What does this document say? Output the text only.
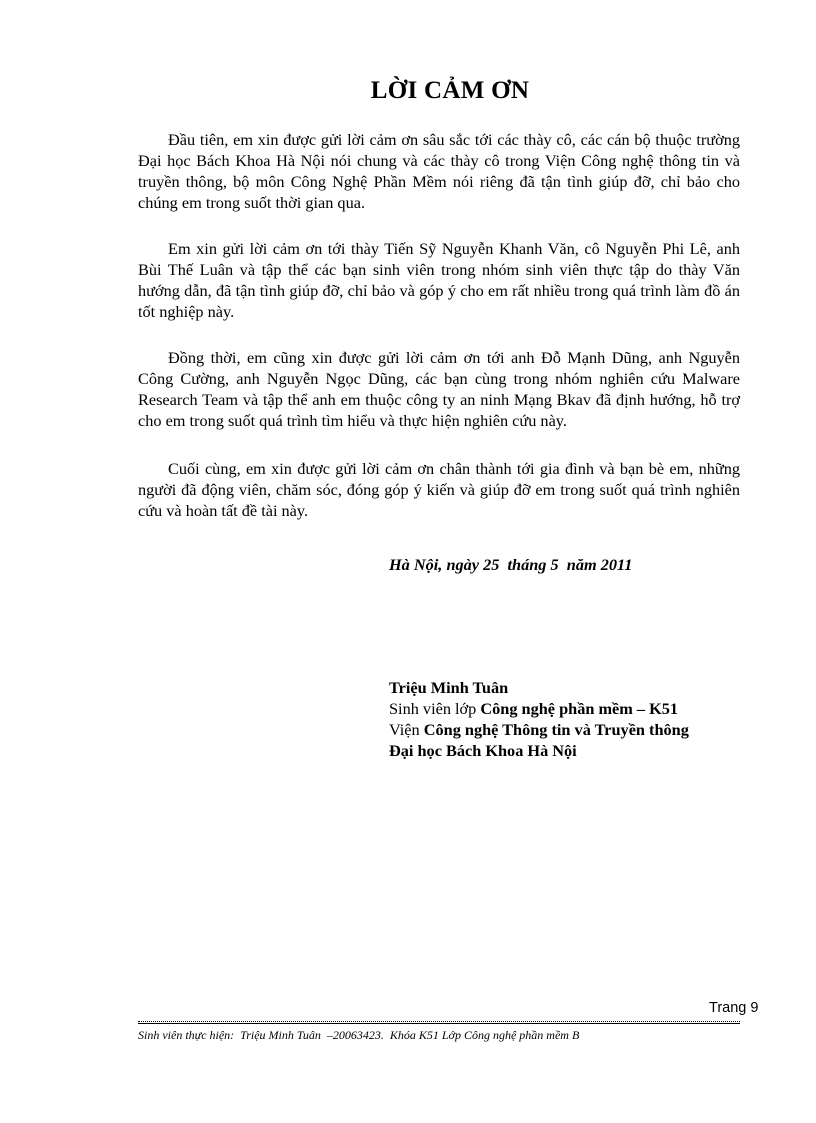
LỜI CẢM ƠN

Đầu tiên, em xin được gửi lời cảm ơn sâu sắc tới các thày cô, các cán bộ thuộc trường Đại học Bách Khoa Hà Nội nói chung và các thày cô trong Viện Công nghệ thông tin và truyền thông, bộ môn Công Nghệ Phần Mềm nói riêng đã tận tình giúp đỡ, chỉ bảo cho chúng em trong suốt thời gian qua.

Em xin gửi lời cảm ơn tới thày Tiến Sỹ Nguyễn Khanh Văn, cô Nguyễn Phi Lê, anh Bùi Thế Luân và tập thể các bạn sinh viên trong nhóm sinh viên thực tập do thày Văn hướng dẫn, đã tận tình giúp đỡ, chỉ bảo và góp ý cho em rất nhiều trong quá trình làm đồ án tốt nghiệp này.

Đồng thời, em cũng xin được gửi lời cảm ơn tới anh Đỗ Mạnh Dũng, anh Nguyễn Công Cường, anh Nguyễn Ngọc Dũng, các bạn cùng trong nhóm nghiên cứu Malware Research Team và tập thể anh em thuộc công ty an ninh Mạng Bkav đã định hướng, hỗ trợ cho em trong suốt quá trình tìm hiểu và thực hiện nghiên cứu này.

Cuối cùng, em xin được gửi lời cảm ơn chân thành tới gia đình và bạn bè em, những người đã động viên, chăm sóc, đóng góp ý kiến và giúp đỡ em trong suốt quá trình nghiên cứu và hoàn tất đề tài này.

Hà Nội, ngày 25  tháng 5  năm 2011
Triệu Minh Tuân
Sinh viên lớp Công nghệ phần mềm – K51
Viện Công nghệ Thông tin và Truyền thông
Đại học Bách Khoa Hà Nội
Trang 9
Sinh viên thực hiện:  Triệu Minh Tuân  –20063423.  Khóa K51 Lớp Công nghệ phần mềm B
